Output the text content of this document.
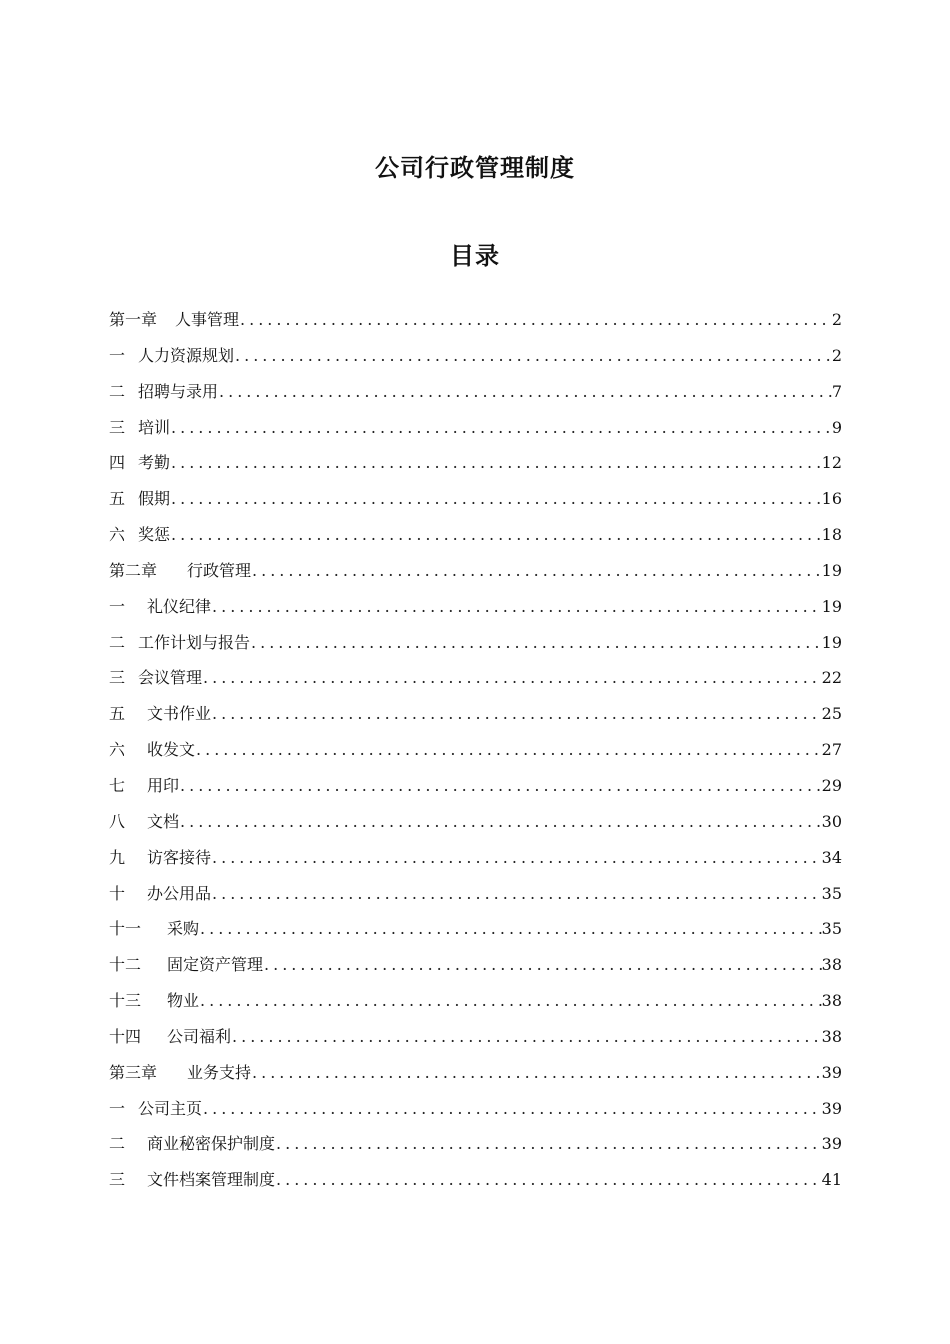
公司行政管理制度
目录
第一章	人事管理 .....	2
一 人力资源规划 .....	2
二 招聘与录用 .....	7
三 培训 .....	9
四 考勤 .....	12
五 假期 .....	16
六 奖惩 .....	18
第二章	行政管理 .....	19
一	礼仪纪律 .....	19
二 工作计划与报告 .....	19
三 会议管理 .....	22
五	文书作业 .....	25
六	收发文 .....	27
七	用印 .....	29
八	文档 .....	30
九	访客接待 .....	34
十	办公用品 .....	35
十一	采购 .....	35
十二	固定资产管理 .....	38
十三	物业 .....	38
十四	公司福利 .....	38
第三章	业务支持 .....	39
一 公司主页 .....	39
二	商业秘密保护制度 .....	39
三	文件档案管理制度 .....	41
